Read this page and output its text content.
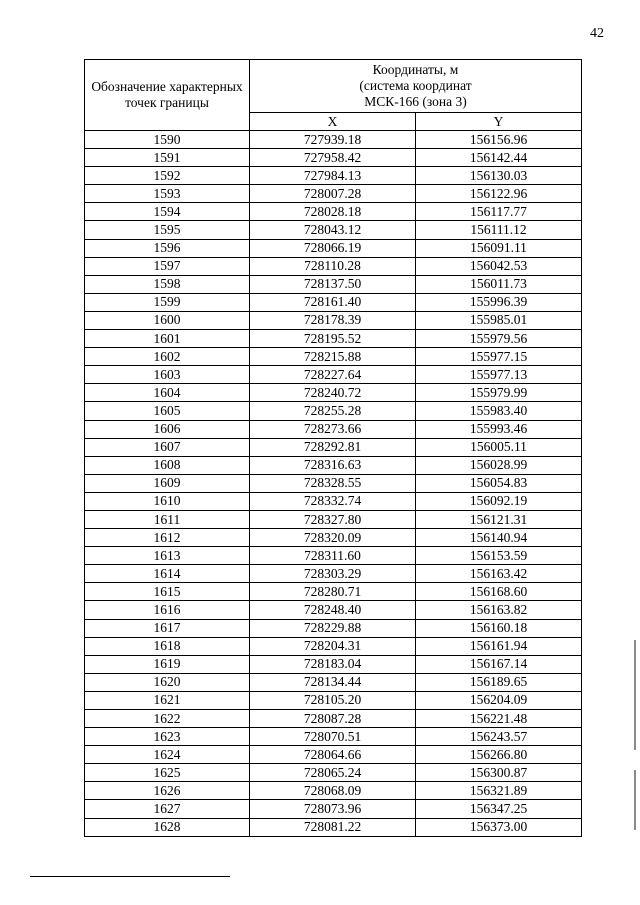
42
Обозначение характерных точек границы	Координаты, м
(система координат
МСК-166 (зона 3)	

	X	Y
1590	727939.18	156156.96
1591	727958.42	156142.44
1592	727984.13	156130.03
1593	728007.28	156122.96
1594	728028.18	156117.77
1595	728043.12	156111.12
1596	728066.19	156091.11
1597	728110.28	156042.53
1598	728137.50	156011.73
1599	728161.40	155996.39
1600	728178.39	155985.01
1601	728195.52	155979.56
1602	728215.88	155977.15
1603	728227.64	155977.13
1604	728240.72	155979.99
1605	728255.28	155983.40
1606	728273.66	155993.46
1607	728292.81	156005.11
1608	728316.63	156028.99
1609	728328.55	156054.83
1610	728332.74	156092.19
1611	728327.80	156121.31
1612	728320.09	156140.94
1613	728311.60	156153.59
1614	728303.29	156163.42
1615	728280.71	156168.60
1616	728248.40	156163.82
1617	728229.88	156160.18
1618	728204.31	156161.94
1619	728183.04	156167.14
1620	728134.44	156189.65
1621	728105.20	156204.09
1622	728087.28	156221.48
1623	728070.51	156243.57
1624	728064.66	156266.80
1625	728065.24	156300.87
1626	728068.09	156321.89
1627	728073.96	156347.25
1628	728081.22	156373.00
